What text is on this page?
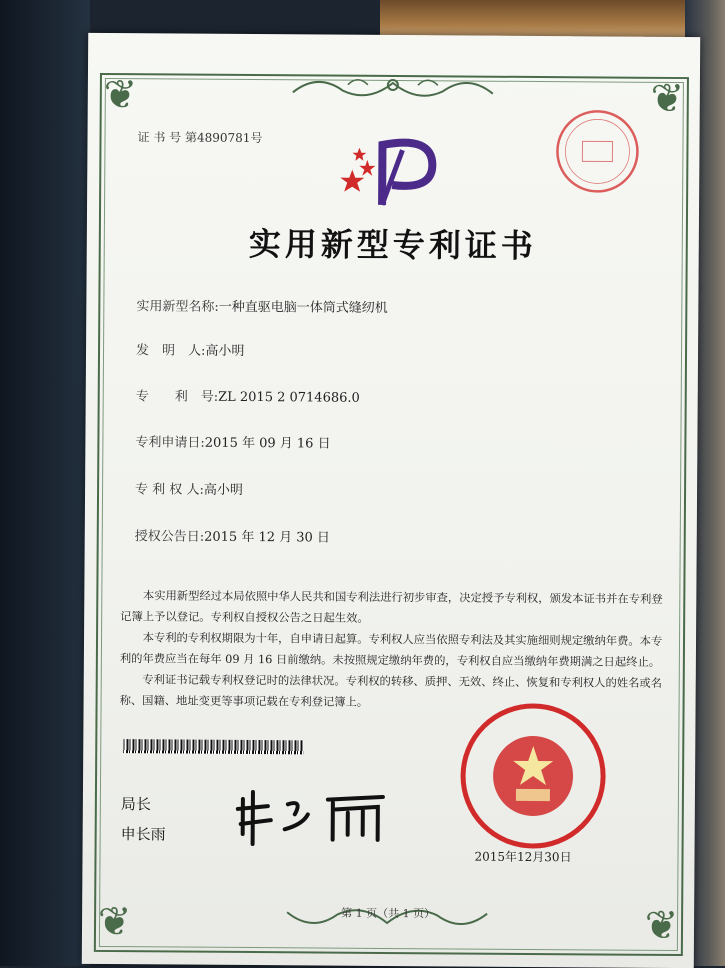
❦	❦
❦	❦
证 书 号 第4890781号
实用新型专利证书
实用新型名称:一种直驱电脑一体筒式缝纫机
发　明　人:高小明
专　　利　号:ZL 2015 2 0714686.0
专利申请日:2015 年 09 月 16 日
专 利 权 人:高小明
授权公告日:2015 年 12 月 30 日

本实用新型经过本局依照中华人民共和国专利法进行初步审查，决定授予专利权，颁发本证书并在专利登记簿上予以登记。专利权自授权公告之日起生效。

本专利的专利权期限为十年，自申请日起算。专利权人应当依照专利法及其实施细则规定缴纳年费。本专利的年费应当在每年 09 月 16 日前缴纳。未按照规定缴纳年费的，专利权自应当缴纳年费期满之日起终止。

专利证书记载专利权登记时的法律状况。专利权的转移、质押、无效、终止、恢复和专利权人的姓名或名称、国籍、地址变更等事项记载在专利登记簿上。

局长
申长雨
2015年12月30日
第 1 页（共 1 页）
